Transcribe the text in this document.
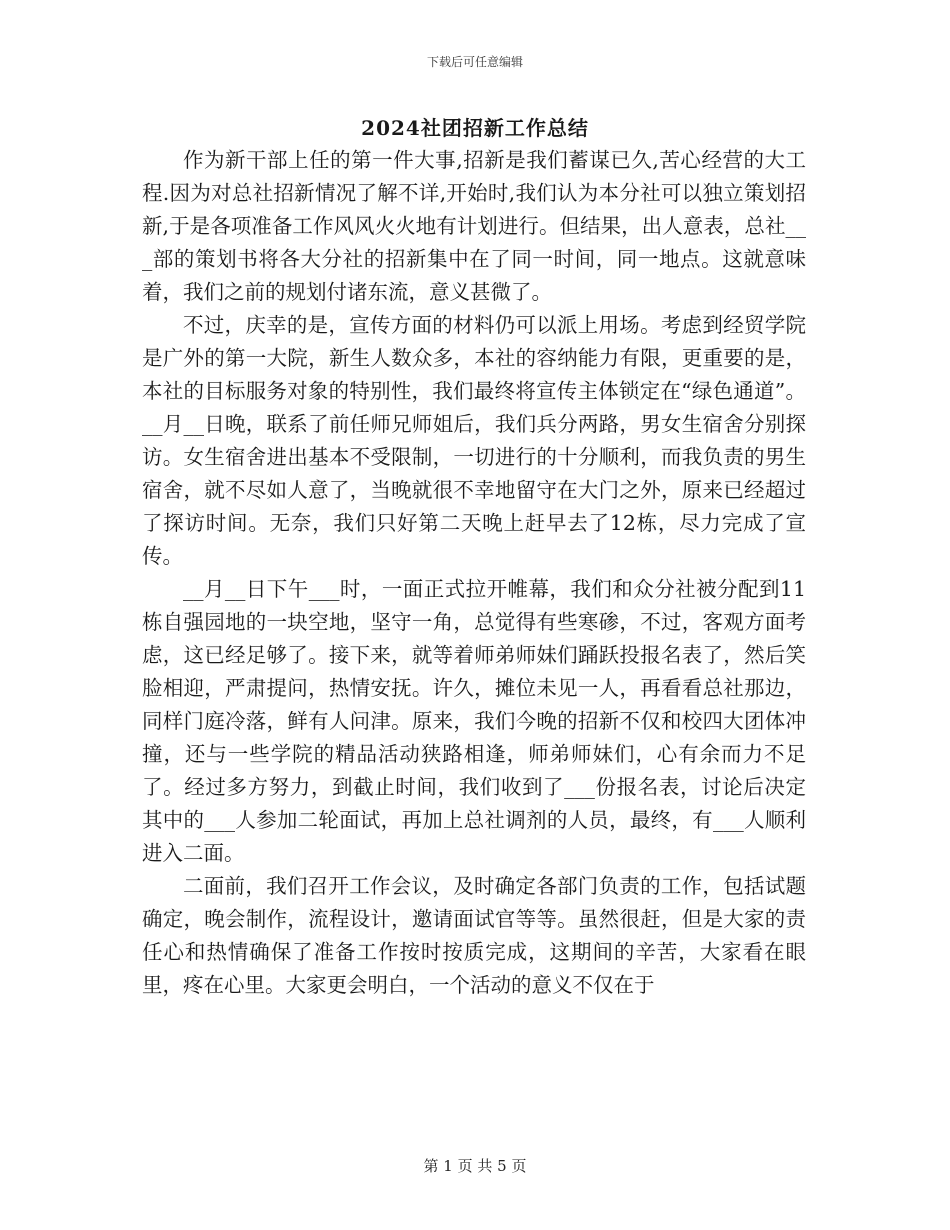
下载后可任意编辑
2024社团招新工作总结

作为新干部上任的第一件大事,招新是我们蓄谋已久,苦心经营的大工程.因为对总社招新情况了解不详,开始时,我们认为本分社可以独立策划招新,于是各项准备工作风风火火地有计划进行。但结果，出人意表，总社___部的策划书将各大分社的招新集中在了同一时间，同一地点。这就意味着，我们之前的规划付诸东流，意义甚微了。

不过，庆幸的是，宣传方面的材料仍可以派上用场。考虑到经贸学院是广外的第一大院，新生人数众多，本社的容纳能力有限，更重要的是，本社的目标服务对象的特别性，我们最终将宣传主体锁定在“绿色通道”。__月__日晚，联系了前任师兄师姐后，我们兵分两路，男女生宿舍分别探访。女生宿舍进出基本不受限制，一切进行的十分顺利，而我负责的男生宿舍，就不尽如人意了，当晚就很不幸地留守在大门之外，原来已经超过了探访时间。无奈，我们只好第二天晚上赶早去了12栋，尽力完成了宣传。

__月__日下午___时，一面正式拉开帷幕，我们和众分社被分配到11栋自强园地的一块空地，坚守一角，总觉得有些寒碜，不过，客观方面考虑，这已经足够了。接下来，就等着师弟师妹们踊跃投报名表了，然后笑脸相迎，严肃提问，热情安抚。许久，摊位未见一人，再看看总社那边，同样门庭冷落，鲜有人问津。原来，我们今晚的招新不仅和校四大团体冲撞，还与一些学院的精品活动狭路相逢，师弟师妹们，心有余而力不足了。经过多方努力，到截止时间，我们收到了___份报名表，讨论后决定其中的___人参加二轮面试，再加上总社调剂的人员，最终，有___人顺利进入二面。

二面前，我们召开工作会议，及时确定各部门负责的工作，包括试题确定，晚会制作，流程设计，邀请面试官等等。虽然很赶，但是大家的责任心和热情确保了准备工作按时按质完成，这期间的辛苦，大家看在眼里，疼在心里。大家更会明白，一个活动的意义不仅在于

第 1 页 共 5 页
